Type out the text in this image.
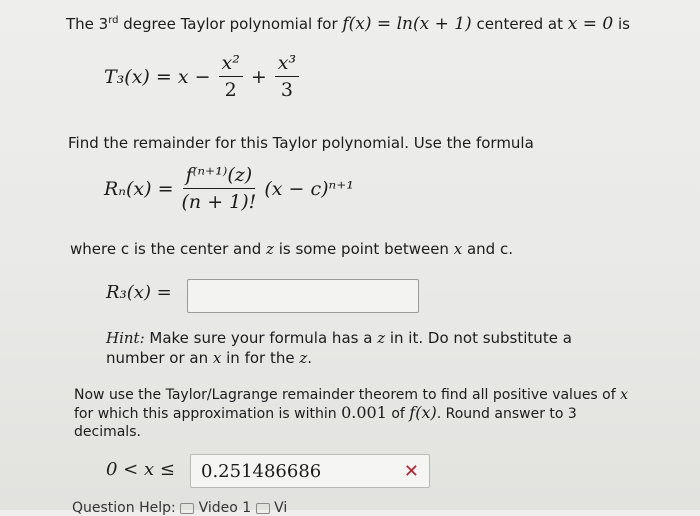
The 3rd degree Taylor polynomial for f(x) = ln(x + 1) centered at x = 0 is
$T_3(x) = x - \frac{\text{x²}}{2} + \frac{\text{x³}}{3}$
Find the remainder for this Taylor polynomial. Use the formula
$R_n(x) = \frac{\text{f⁽ⁿ⁺¹⁾(z)}}{(n + 1)!} (x - c)^{n+1}$
where c is the center and z is some point between x and c.
R₃(x) =
Hint: Make sure your formula has a z in it. Do not substitute a
number or an x in for the z.
Now use the Taylor/Lagrange remainder theorem to find all positive values of x
for which this approximation is within 0.001 of f(x). Round answer to 3
decimals.
0 < x ≤ 0.251486686	✕
Question Help: Video 1 Vi
